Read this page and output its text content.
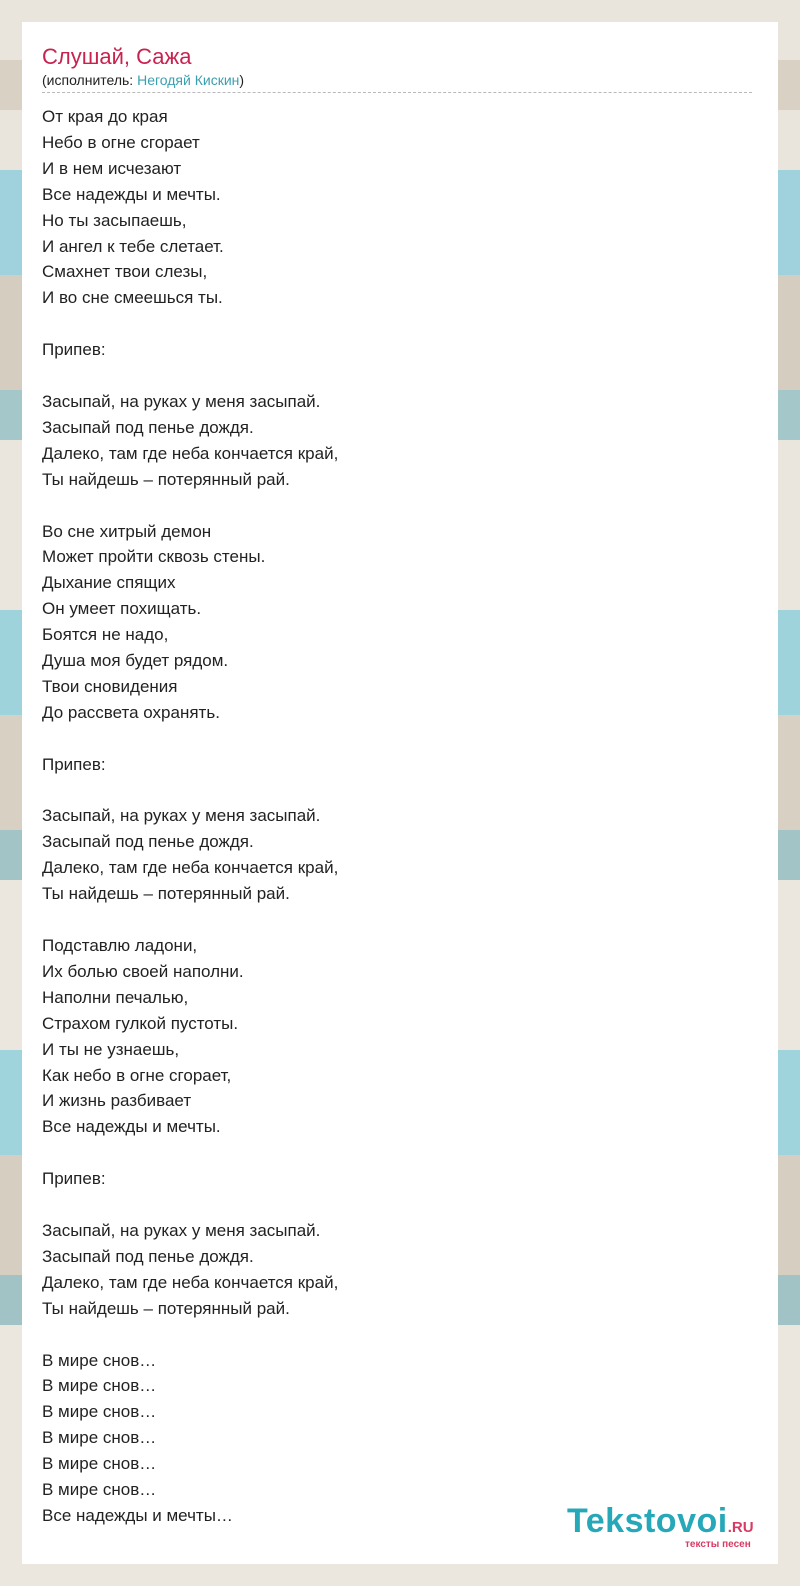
Слушай, Сажа
(исполнитель: Негодяй Кискин)

От края до края
Небо в огне сгорает
И в нем исчезают
Все надежды и мечты.
Но ты засыпаешь,
И ангел к тебе слетает.
Смахнет твои слезы,
И во сне смеешься ты.

Припев:

Засыпай, на руках у меня засыпай.
Засыпай под пенье дождя.
Далеко, там где неба кончается край,
Ты найдешь – потерянный рай.

Во сне хитрый демон
Может пройти сквозь стены.
Дыхание спящих
Он умеет похищать.
Боятся не надо,
Душа моя будет рядом.
Твои сновидения
До рассвета охранять.

Припев:

Засыпай, на руках у меня засыпай.
Засыпай под пенье дождя.
Далеко, там где неба кончается край,
Ты найдешь – потерянный рай.

Подставлю ладони,
Их болью своей наполни.
Наполни печалью,
Страхом гулкой пустоты.
И ты не узнаешь,
Как небо в огне сгорает,
И жизнь разбивает
Все надежды и мечты.

Припев:

Засыпай, на руках у меня засыпай.
Засыпай под пенье дождя.
Далеко, там где неба кончается край,
Ты найдешь – потерянный рай.

В мире снов…
В мире снов…
В мире снов…
В мире снов…
В мире снов…
В мире снов…
Все надежды и мечты…	Tekstovoi.RU
тексты песен
